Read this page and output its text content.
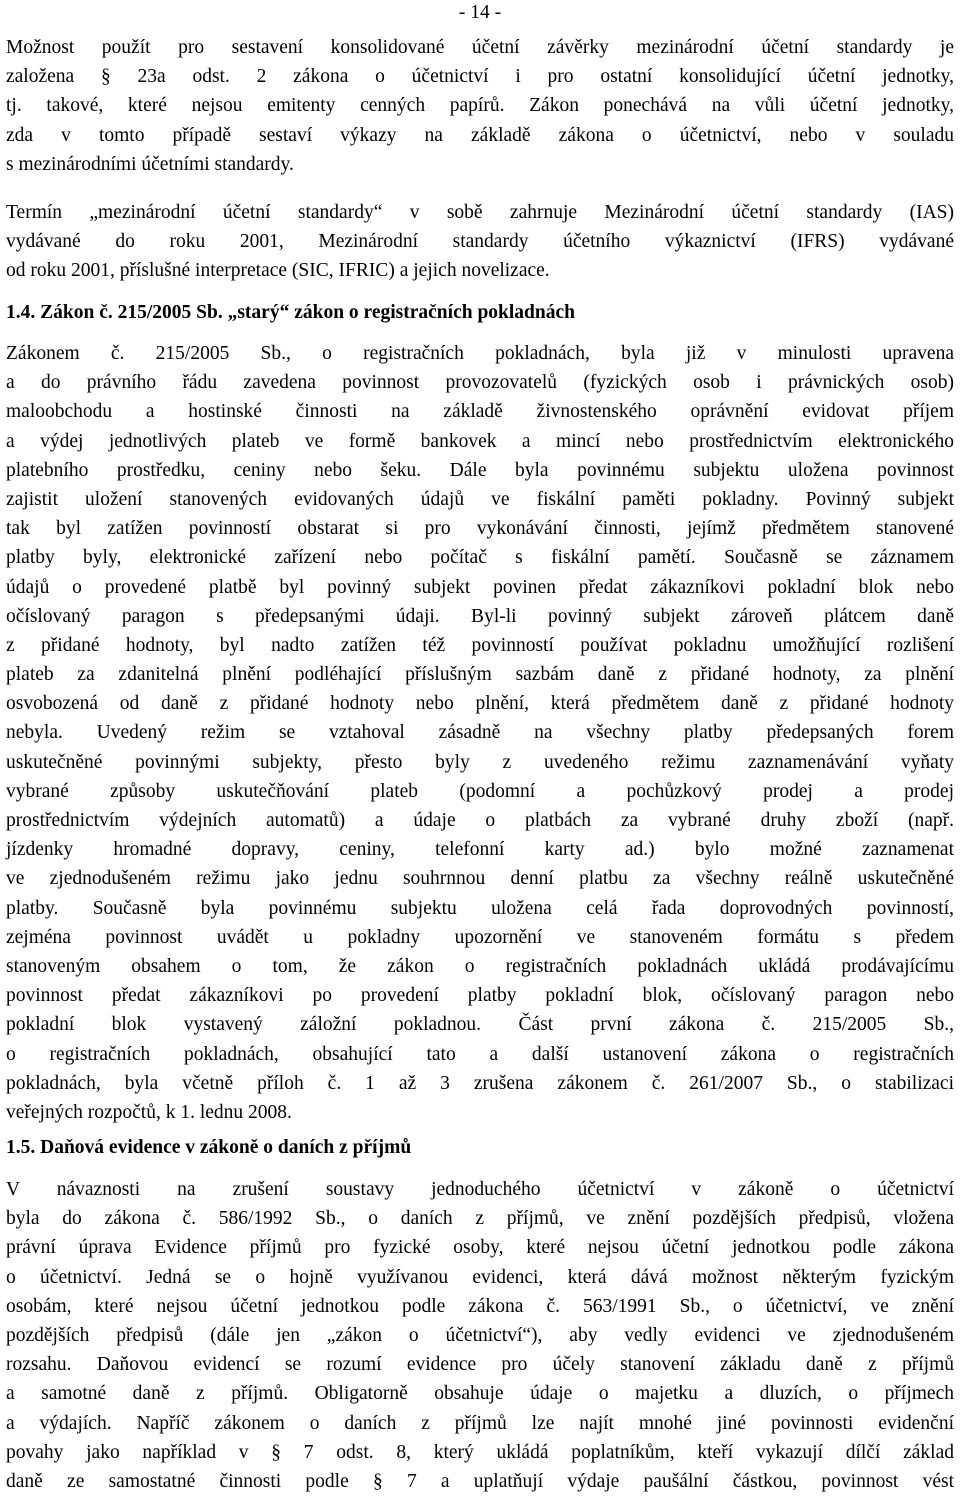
- 14 -
Možnost použít pro sestavení konsolidované účetní závěrky mezinárodní účetní standardy je
založena § 23a odst. 2 zákona o účetnictví i pro ostatní konsolidující účetní jednotky,
tj. takové, které nejsou emitenty cenných papírů. Zákon ponechává na vůli účetní jednotky,
zda v tomto případě sestaví výkazy na základě zákona o účetnictví, nebo v souladu
s mezinárodními účetními standardy.
Termín „mezinárodní účetní standardy“ v sobě zahrnuje Mezinárodní účetní standardy (IAS)
vydávané do roku 2001, Mezinárodní standardy účetního výkaznictví (IFRS) vydávané
od roku 2001, příslušné interpretace (SIC, IFRIC) a jejich novelizace.
1.4. Zákon č. 215/2005 Sb. „starý“ zákon o registračních pokladnách
Zákonem č. 215/2005 Sb., o registračních pokladnách, byla již v minulosti upravena
a do právního řádu zavedena povinnost provozovatelů (fyzických osob i právnických osob)
maloobchodu a hostinské činnosti na základě živnostenského oprávnění evidovat příjem
a výdej jednotlivých plateb ve formě bankovek a mincí nebo prostřednictvím elektronického
platebního prostředku, ceniny nebo šeku. Dále byla povinnému subjektu uložena povinnost
zajistit uložení stanovených evidovaných údajů ve fiskální paměti pokladny. Povinný subjekt
tak byl zatížen povinností obstarat si pro vykonávání činnosti, jejímž předmětem stanovené
platby byly, elektronické zařízení nebo počítač s fiskální pamětí. Současně se záznamem
údajů o provedené platbě byl povinný subjekt povinen předat zákazníkovi pokladní blok nebo
očíslovaný paragon s předepsanými údaji. Byl-li povinný subjekt zároveň plátcem daně
z přidané hodnoty, byl nadto zatížen též povinností používat pokladnu umožňující rozlišení
plateb za zdanitelná plnění podléhající příslušným sazbám daně z přidané hodnoty, za plnění
osvobozená od daně z přidané hodnoty nebo plnění, která předmětem daně z přidané hodnoty
nebyla. Uvedený režim se vztahoval zásadně na všechny platby předepsaných forem
uskutečněné povinnými subjekty, přesto byly z uvedeného režimu zaznamenávání vyňaty
vybrané způsoby uskutečňování plateb (podomní a pochůzkový prodej a prodej
prostřednictvím výdejních automatů) a údaje o platbách za vybrané druhy zboží (např.
jízdenky hromadné dopravy, ceniny, telefonní karty ad.) bylo možné zaznamenat
ve zjednodušeném režimu jako jednu souhrnnou denní platbu za všechny reálně uskutečněné
platby. Současně byla povinnému subjektu uložena celá řada doprovodných povinností,
zejména povinnost uvádět u pokladny upozornění ve stanoveném formátu s předem
stanoveným obsahem o tom, že zákon o registračních pokladnách ukládá prodávajícímu
povinnost předat zákazníkovi po provedení platby pokladní blok, očíslovaný paragon nebo
pokladní blok vystavený záložní pokladnou. Část první zákona č. 215/2005 Sb.,
o registračních pokladnách, obsahující tato a další ustanovení zákona o registračních
pokladnách, byla včetně příloh č. 1 až 3 zrušena zákonem č. 261/2007 Sb., o stabilizaci
veřejných rozpočtů, k 1. lednu 2008.
1.5. Daňová evidence v zákoně o daních z příjmů
V návaznosti na zrušení soustavy jednoduchého účetnictví v zákoně o účetnictví
byla do zákona č. 586/1992 Sb., o daních z příjmů, ve znění pozdějších předpisů, vložena
právní úprava Evidence příjmů pro fyzické osoby, které nejsou účetní jednotkou podle zákona
o účetnictví. Jedná se o hojně využívanou evidenci, která dává možnost některým fyzickým
osobám, které nejsou účetní jednotkou podle zákona č. 563/1991 Sb., o účetnictví, ve znění
pozdějších předpisů (dále jen „zákon o účetnictví“), aby vedly evidenci ve zjednodušeném
rozsahu. Daňovou evidencí se rozumí evidence pro účely stanovení základu daně z příjmů
a samotné daně z příjmů. Obligatorně obsahuje údaje o majetku a dluzích, o příjmech
a výdajích. Napříč zákonem o daních z příjmů lze najít mnohé jiné povinnosti evidenční
povahy jako například v § 7 odst. 8, který ukládá poplatníkům, kteří vykazují dílčí základ
daně ze samostatné činnosti podle § 7 a uplatňují výdaje paušální částkou, povinnost vést
